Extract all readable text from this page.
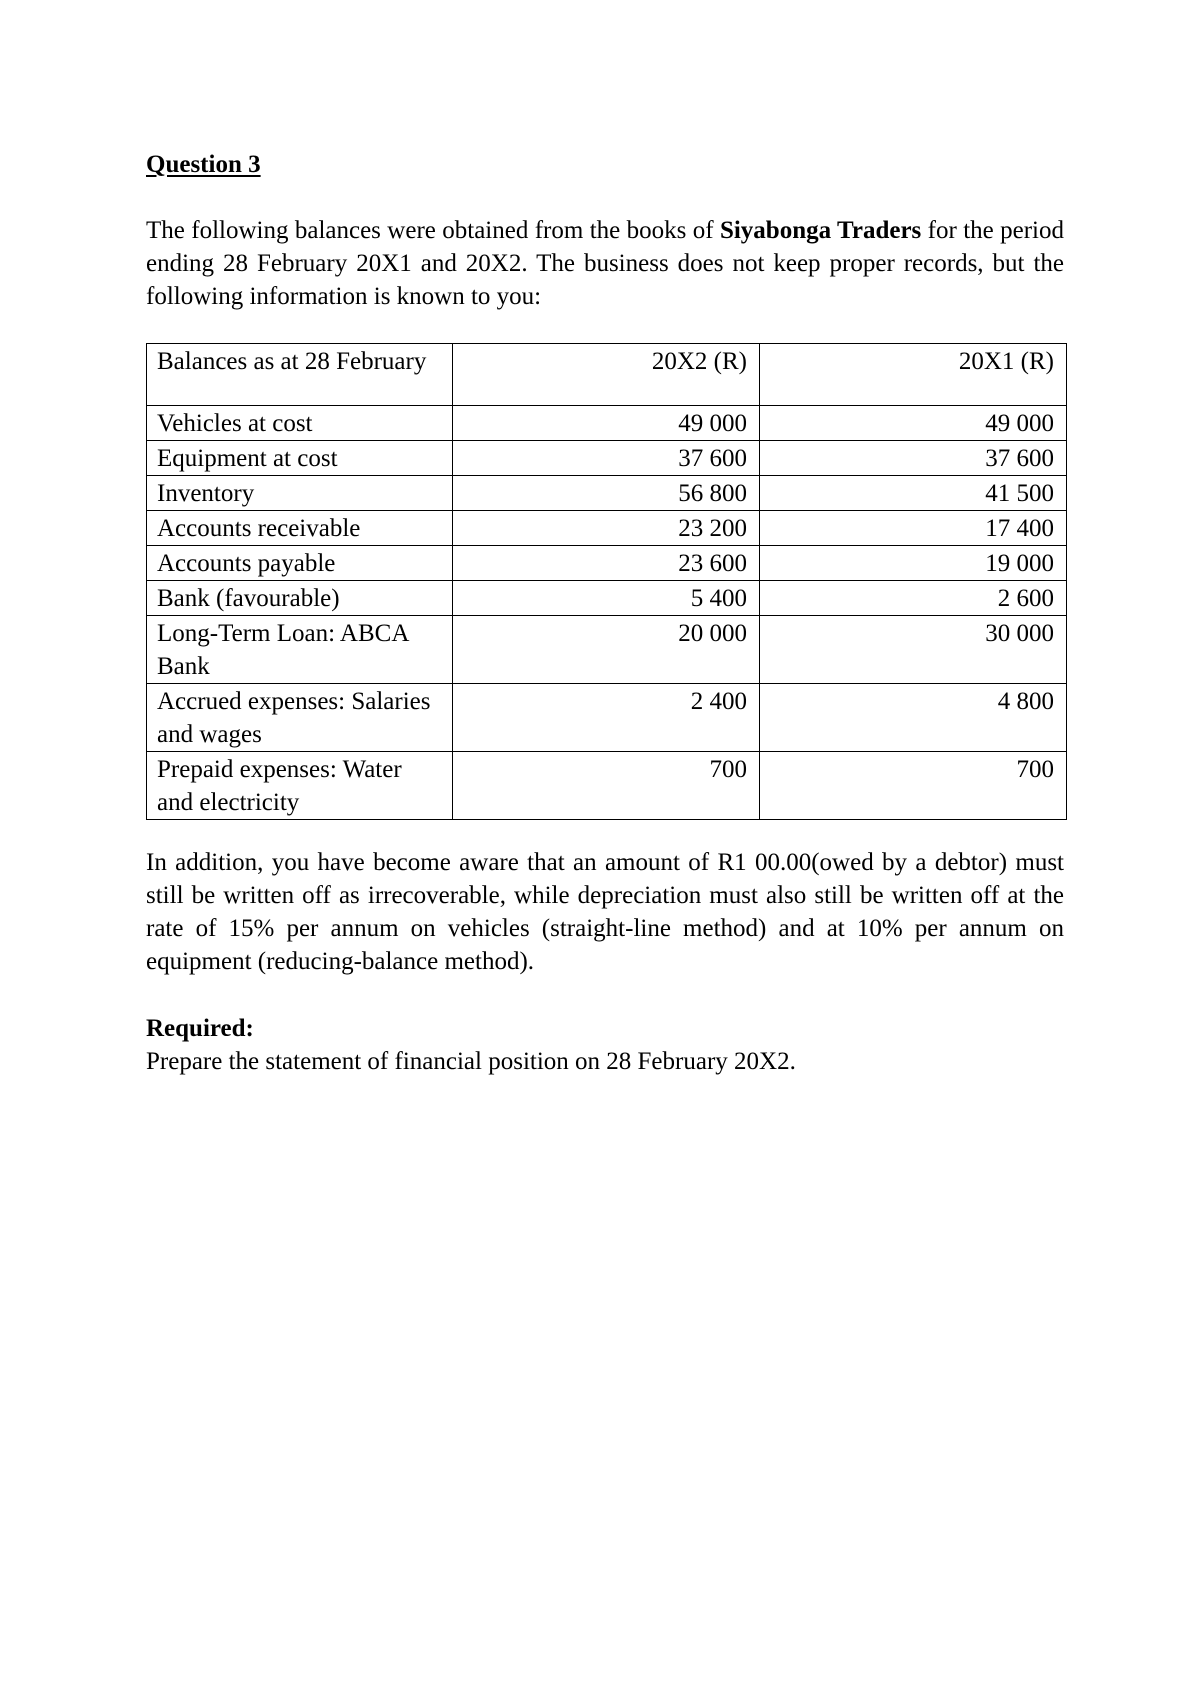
Question 3

The following balances were obtained from the books of Siyabonga Traders for the period ending 28 February 20X1 and 20X2. The business does not keep proper records, but the following information is known to you:

Balances as at 28 February	20X2 (R)	20X1 (R)
Vehicles at cost	49 000	49 000
Equipment at cost	37 600	37 600
Inventory	56 800	41 500
Accounts receivable	23 200	17 400
Accounts payable	23 600	19 000
Bank (favourable)	5 400	2 600
Long-Term Loan: ABCA Bank	20 000	30 000
Accrued expenses: Salaries and wages	2 400	4 800
Prepaid expenses: Water and electricity	700	700

In addition, you have become aware that an amount of R1 00.00(owed by a debtor) must still be written off as irrecoverable, while depreciation must also still be written off at the rate of 15% per annum on vehicles (straight-line method) and at 10% per annum on equipment (reducing-balance method).

Required:
Prepare the statement of financial position on 28 February 20X2.
